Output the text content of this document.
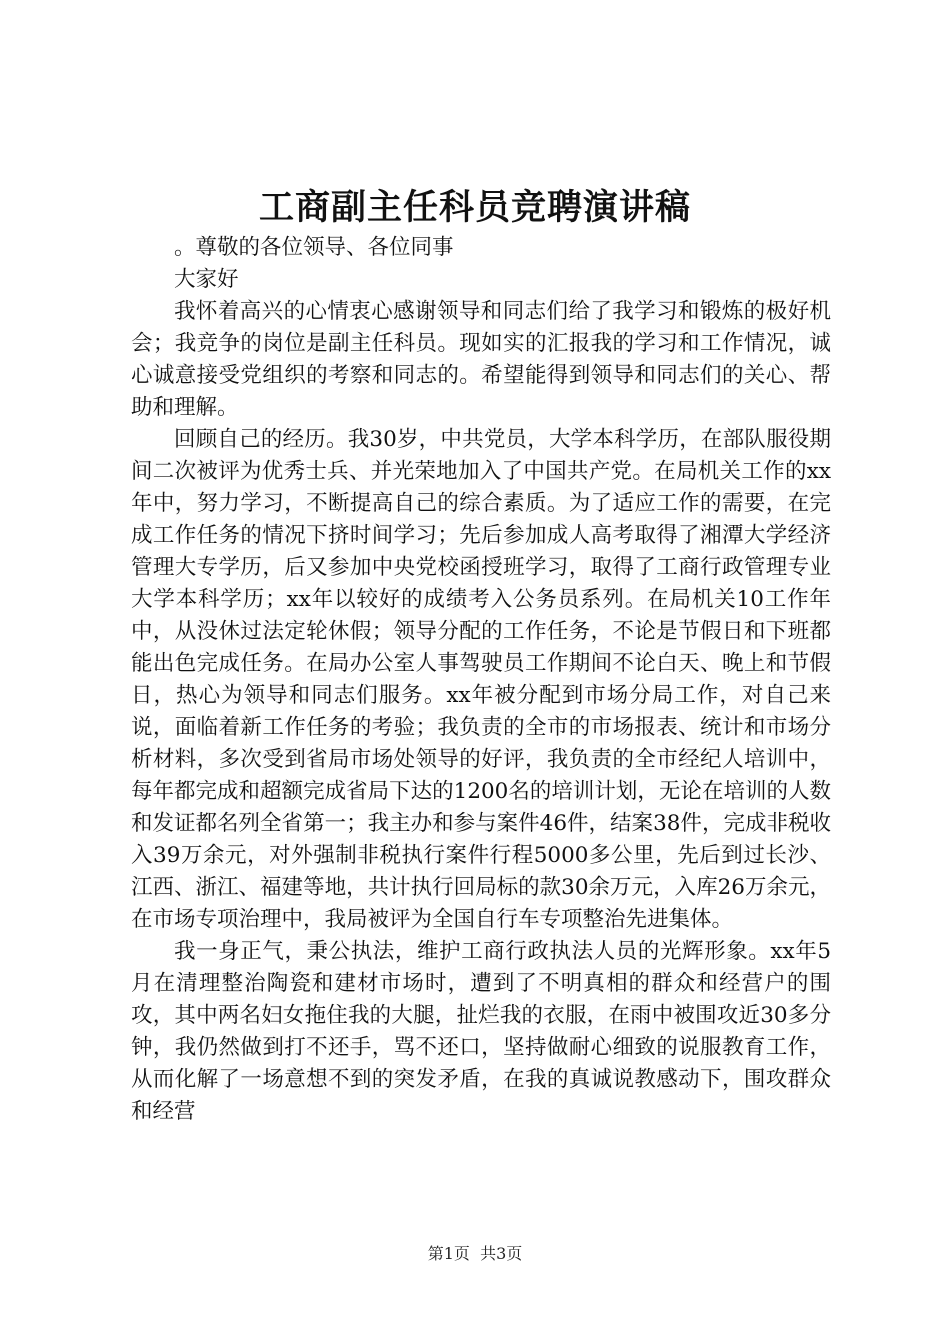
工商副主任科员竞聘演讲稿

。尊敬的各位领导、各位同事

大家好

我怀着高兴的心情衷心感谢领导和同志们给了我学习和锻炼的极好机会；我竞争的岗位是副主任科员。现如实的汇报我的学习和工作情况，诚心诚意接受党组织的考察和同志的。希望能得到领导和同志们的关心、帮助和理解。

回顾自己的经历。我30岁，中共党员，大学本科学历，在部队服役期间二次被评为优秀士兵、并光荣地加入了中国共产党。在局机关工作的xx年中，努力学习，不断提高自己的综合素质。为了适应工作的需要，在完成工作任务的情况下挤时间学习；先后参加成人高考取得了湘潭大学经济管理大专学历，后又参加中央党校函授班学习，取得了工商行政管理专业大学本科学历；xx年以较好的成绩考入公务员系列。在局机关10工作年中，从没休过法定轮休假；领导分配的工作任务，不论是节假日和下班都能出色完成任务。在局办公室人事驾驶员工作期间不论白天、晚上和节假日，热心为领导和同志们服务。xx年被分配到市场分局工作，对自己来说，面临着新工作任务的考验；我负责的全市的市场报表、统计和市场分析材料，多次受到省局市场处领导的好评，我负责的全市经纪人培训中，每年都完成和超额完成省局下达的1200名的培训计划，无论在培训的人数和发证都名列全省第一；我主办和参与案件46件，结案38件，完成非税收入39万余元，对外强制非税执行案件行程5000多公里，先后到过长沙、江西、浙江、福建等地，共计执行回局标的款30余万元，入库26万余元，在市场专项治理中，我局被评为全国自行车专项整治先进集体。

我一身正气，秉公执法，维护工商行政执法人员的光辉形象。xx年5月在清理整治陶瓷和建材市场时，遭到了不明真相的群众和经营户的围攻，其中两名妇女拖住我的大腿，扯烂我的衣服，在雨中被围攻近30多分钟，我仍然做到打不还手，骂不还口，坚持做耐心细致的说服教育工作，从而化解了一场意想不到的突发矛盾，在我的真诚说教感动下，围攻群众和经营

第1页 共3页
